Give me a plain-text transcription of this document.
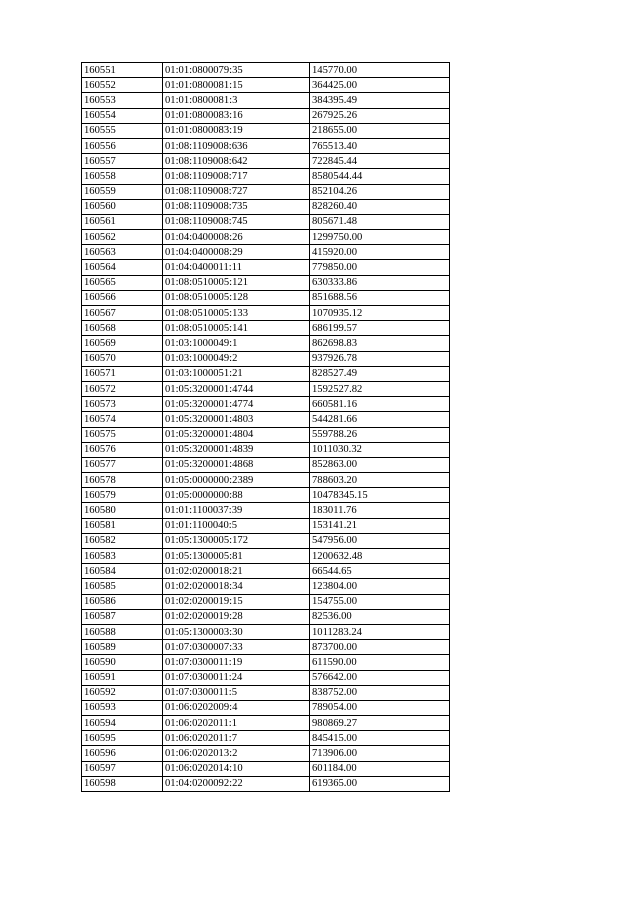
160551	01:01:0800079:35	145770.00
160552	01:01:0800081:15	364425.00
160553	01:01:0800081:3	384395.49
160554	01:01:0800083:16	267925.26
160555	01:01:0800083:19	218655.00
160556	01:08:1109008:636	765513.40
160557	01:08:1109008:642	722845.44
160558	01:08:1109008:717	8580544.44
160559	01:08:1109008:727	852104.26
160560	01:08:1109008:735	828260.40
160561	01:08:1109008:745	805671.48
160562	01:04:0400008:26	1299750.00
160563	01:04:0400008:29	415920.00
160564	01:04:0400011:11	779850.00
160565	01:08:0510005:121	630333.86
160566	01:08:0510005:128	851688.56
160567	01:08:0510005:133	1070935.12
160568	01:08:0510005:141	686199.57
160569	01:03:1000049:1	862698.83
160570	01:03:1000049:2	937926.78
160571	01:03:1000051:21	828527.49
160572	01:05:3200001:4744	1592527.82
160573	01:05:3200001:4774	660581.16
160574	01:05:3200001:4803	544281.66
160575	01:05:3200001:4804	559788.26
160576	01:05:3200001:4839	1011030.32
160577	01:05:3200001:4868	852863.00
160578	01:05:0000000:2389	788603.20
160579	01:05:0000000:88	10478345.15
160580	01:01:1100037:39	183011.76
160581	01:01:1100040:5	153141.21
160582	01:05:1300005:172	547956.00
160583	01:05:1300005:81	1200632.48
160584	01:02:0200018:21	66544.65
160585	01:02:0200018:34	123804.00
160586	01:02:0200019:15	154755.00
160587	01:02:0200019:28	82536.00
160588	01:05:1300003:30	1011283.24
160589	01:07:0300007:33	873700.00
160590	01:07:0300011:19	611590.00
160591	01:07:0300011:24	576642.00
160592	01:07:0300011:5	838752.00
160593	01:06:0202009:4	789054.00
160594	01:06:0202011:1	980869.27
160595	01:06:0202011:7	845415.00
160596	01:06:0202013:2	713906.00
160597	01:06:0202014:10	601184.00
160598	01:04:0200092:22	619365.00
